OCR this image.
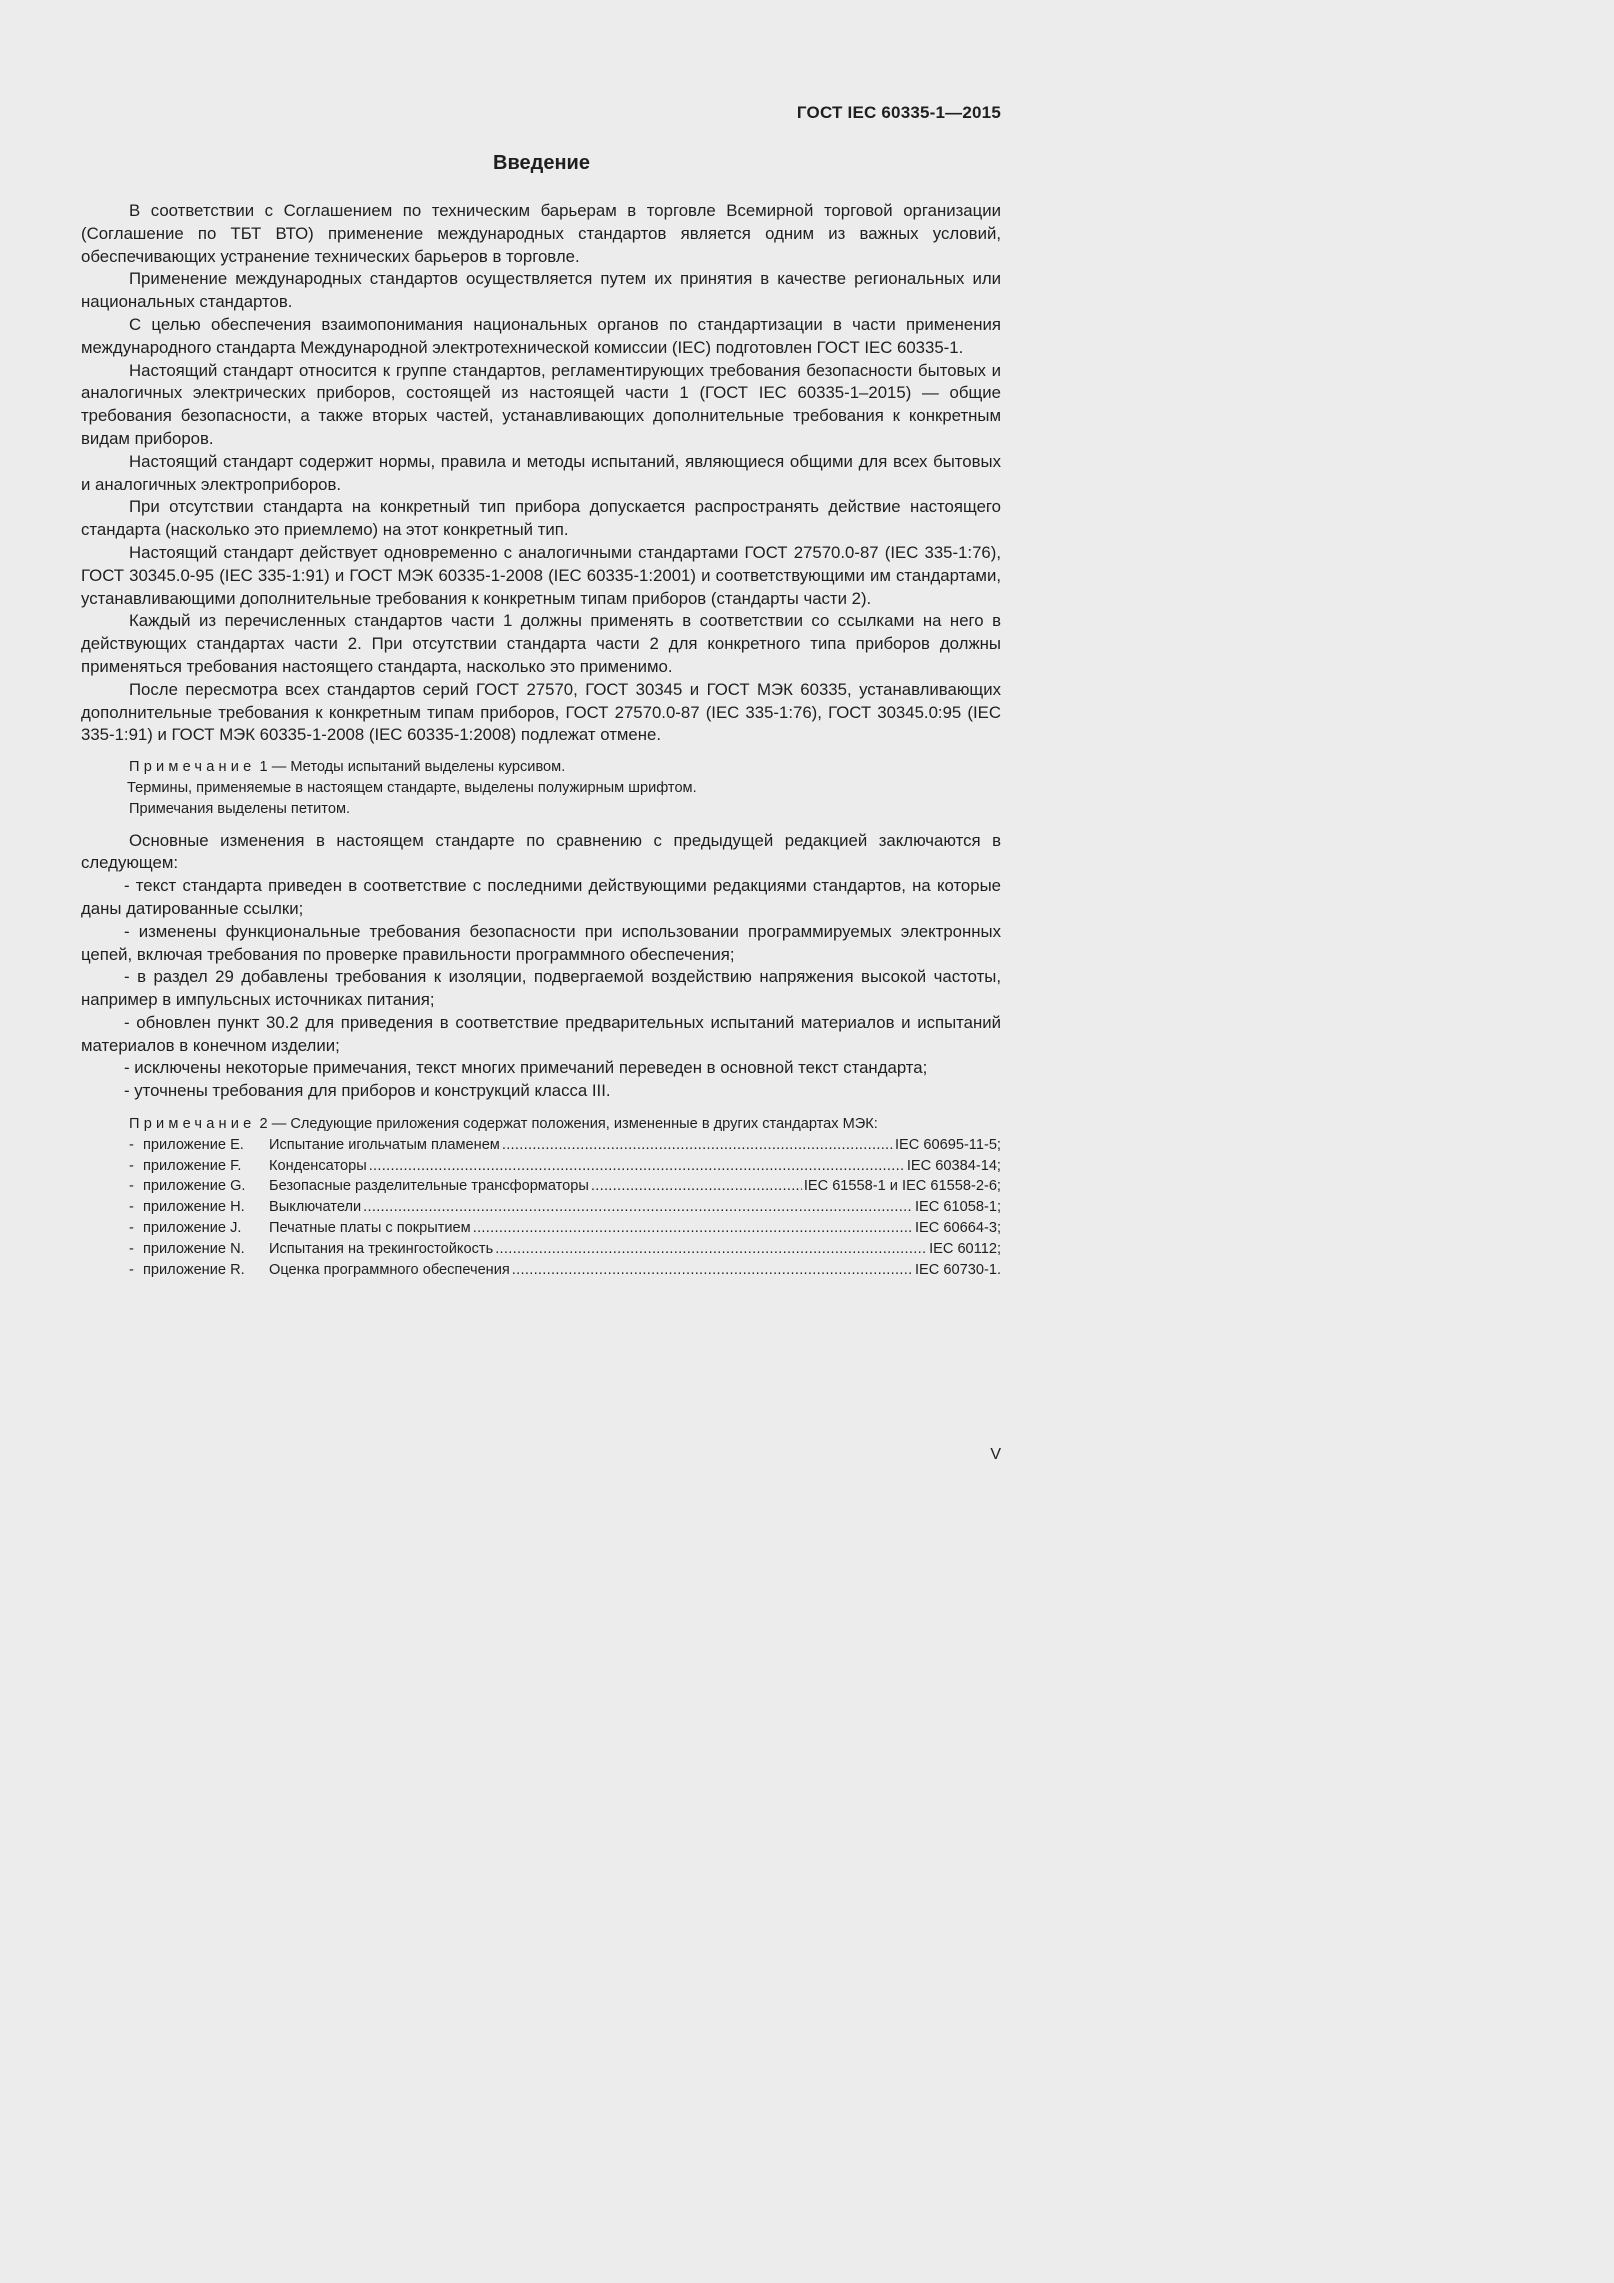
ГОСТ IEC 60335-1—2015
Введение

В соответствии с Соглашением по техническим барьерам в торговле Всемирной торговой организации (Соглашение по ТБТ ВТО) применение международных стандартов является одним из важных условий, обеспечивающих устранение технических барьеров в торговле.

Применение международных стандартов осуществляется путем их принятия в качестве региональных или национальных стандартов.

С целью обеспечения взаимопонимания национальных органов по стандартизации в части применения международного стандарта Международной электротехнической комиссии (IEC) подготовлен ГОСТ IEC 60335-1.

Настоящий стандарт относится к группе стандартов, регламентирующих требования безопасности бытовых и аналогичных электрических приборов, состоящей из настоящей части 1 (ГОСТ IEC 60335-1–2015) — общие требования безопасности, а также вторых частей, устанавливающих дополнительные требования к конкретным видам приборов.

Настоящий стандарт содержит нормы, правила и методы испытаний, являющиеся общими для всех бытовых и аналогичных электроприборов.

При отсутствии стандарта на конкретный тип прибора допускается распространять действие настоящего стандарта (насколько это приемлемо) на этот конкретный тип.

Настоящий стандарт действует одновременно с аналогичными стандартами ГОСТ 27570.0-87 (IEC 335-1:76), ГОСТ 30345.0-95 (IEC 335-1:91) и ГОСТ МЭК 60335-1-2008 (IEC 60335-1:2001) и соответствующими им стандартами, устанавливающими дополнительные требования к конкретным типам приборов (стандарты части 2).

Каждый из перечисленных стандартов части 1 должны применять в соответствии со ссылками на него в действующих стандартах части 2. При отсутствии стандарта части 2 для конкретного типа приборов должны применяться требования настоящего стандарта, насколько это применимо.

После пересмотра всех стандартов серий ГОСТ 27570, ГОСТ 30345 и ГОСТ МЭК 60335, устанавливающих дополнительные требования к конкретным типам приборов, ГОСТ 27570.0-87 (IEC 335-1:76), ГОСТ 30345.0:95 (IEC 335-1:91) и ГОСТ МЭК 60335-1-2008 (IEC 60335-1:2008) подлежат отмене.

Примечание 1 — Методы испытаний выделены курсивом.
Термины, применяемые в настоящем стандарте, выделены полужирным шрифтом.
Примечания выделены петитом.

Основные изменения в настоящем стандарте по сравнению с предыдущей редакцией заключаются в следующем:

- текст стандарта приведен в соответствие с последними действующими редакциями стандартов, на которые даны датированные ссылки;
- изменены функциональные требования безопасности при использовании программируемых электронных цепей, включая требования по проверке правильности программного обеспечения;
- в раздел 29 добавлены требования к изоляции, подвергаемой воздействию напряжения высокой частоты, например в импульсных источниках питания;
- обновлен пункт 30.2 для приведения в соответствие предварительных испытаний материалов и испытаний материалов в конечном изделии;
- исключены некоторые примечания, текст многих примечаний переведен в основной текст стандарта;
- уточнены требования для приборов и конструкций класса III.
Примечание 2 — Следующие приложения содержат положения, измененные в других стандартах МЭК:
- приложение E.	Испытание игольчатым пламенем .....	IEC 60695-11-5;
- приложение F.	Конденсаторы .....	IEC 60384-14;
- приложение G.	Безопасные разделительные трансформаторы .....	IEC 61558-1 и IEC 61558-2-6;
- приложение H.	Выключатели .....	IEC 61058-1;
- приложение J.	Печатные платы с покрытием .....	IEC 60664-3;
- приложение N.	Испытания на трекингостойкость .....	IEC 60112;
- приложение R.	Оценка программного обеспечения .....	IEC 60730-1.
V
